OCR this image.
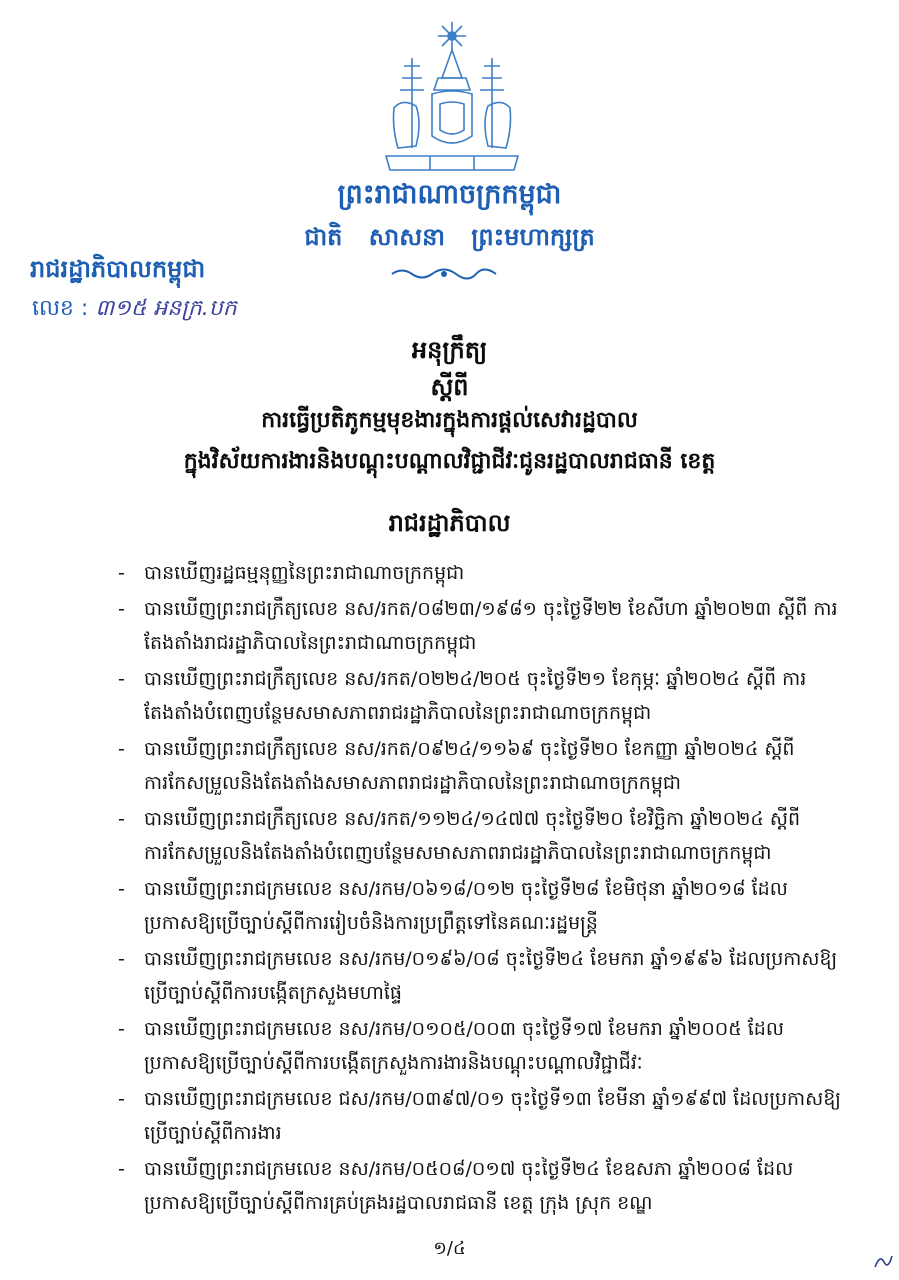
ព្រះរាជាណាចក្រកម្ពុជា
ជាតិ សាសនា ព្រះមហាក្សត្រ
រាជរដ្ឋាភិបាលកម្ពុជា
លេខ : ៣១៥ អនក្រ.បក
អនុក្រឹត្យ
ស្តីពី
ការធ្វើប្រតិភូកម្មមុខងារក្នុងការផ្តល់សេវារដ្ឋបាល
ក្នុងវិស័យការងារនិងបណ្តុះបណ្តាលវិជ្ជាជីវៈជូនរដ្ឋបាលរាជធានី ខេត្ត
រាជរដ្ឋាភិបាល
- បានឃើញរដ្ឋធម្មនុញ្ញនៃព្រះរាជាណាចក្រកម្ពុជា
- បានឃើញព្រះរាជក្រឹត្យលេខ នស/រកត/០៨២៣/១៩៨១ ចុះថ្ងៃទី២២ ខែសីហា ឆ្នាំ២០២៣ ស្តីពី ការតែងតាំងរាជរដ្ឋាភិបាលនៃព្រះរាជាណាចក្រកម្ពុជា
- បានឃើញព្រះរាជក្រឹត្យលេខ នស/រកត/០២២៤/២០៥ ចុះថ្ងៃទី២១ ខែកុម្ភៈ ឆ្នាំ២០២៤ ស្តីពី ការតែងតាំងបំពេញបន្ថែមសមាសភាពរាជរដ្ឋាភិបាលនៃព្រះរាជាណាចក្រកម្ពុជា
- បានឃើញព្រះរាជក្រឹត្យលេខ នស/រកត/០៩២៤/១១៦៩ ចុះថ្ងៃទី២០ ខែកញ្ញា ឆ្នាំ២០២៤ ស្តីពី ការកែសម្រួលនិងតែងតាំងសមាសភាពរាជរដ្ឋាភិបាលនៃព្រះរាជាណាចក្រកម្ពុជា
- បានឃើញព្រះរាជក្រឹត្យលេខ នស/រកត/១១២៤/១៤៧៧ ចុះថ្ងៃទី២០ ខែវិច្ឆិកា ឆ្នាំ២០២៤ ស្តីពី ការកែសម្រួលនិងតែងតាំងបំពេញបន្ថែមសមាសភាពរាជរដ្ឋាភិបាលនៃព្រះរាជាណាចក្រកម្ពុជា
- បានឃើញព្រះរាជក្រមលេខ នស/រកម/០៦១៨/០១២ ចុះថ្ងៃទី២៨ ខែមិថុនា ឆ្នាំ២០១៨ ដែលប្រកាសឱ្យប្រើច្បាប់ស្តីពីការរៀបចំនិងការប្រព្រឹត្តទៅនៃគណៈរដ្ឋមន្ត្រី
- បានឃើញព្រះរាជក្រមលេខ នស/រកម/០១៩៦/០៨ ចុះថ្ងៃទី២៤ ខែមករា ឆ្នាំ១៩៩៦ ដែលប្រកាសឱ្យប្រើច្បាប់ស្តីពីការបង្កើតក្រសួងមហាផ្ទៃ
- បានឃើញព្រះរាជក្រមលេខ នស/រកម/០១០៥/០០៣ ចុះថ្ងៃទី១៧ ខែមករា ឆ្នាំ២០០៥ ដែលប្រកាសឱ្យប្រើច្បាប់ស្តីពីការបង្កើតក្រសួងការងារនិងបណ្តុះបណ្តាលវិជ្ជាជីវៈ
- បានឃើញព្រះរាជក្រមលេខ ជស/រកម/០៣៩៧/០១ ចុះថ្ងៃទី១៣ ខែមីនា ឆ្នាំ១៩៩៧ ដែលប្រកាសឱ្យប្រើច្បាប់ស្តីពីការងារ
- បានឃើញព្រះរាជក្រមលេខ នស/រកម/០៥០៨/០១៧ ចុះថ្ងៃទី២៤ ខែឧសភា ឆ្នាំ២០០៨ ដែលប្រកាសឱ្យប្រើច្បាប់ស្តីពីការគ្រប់គ្រងរដ្ឋបាលរាជធានី ខេត្ត ក្រុង ស្រុក ខណ្ឌ
១/៤
